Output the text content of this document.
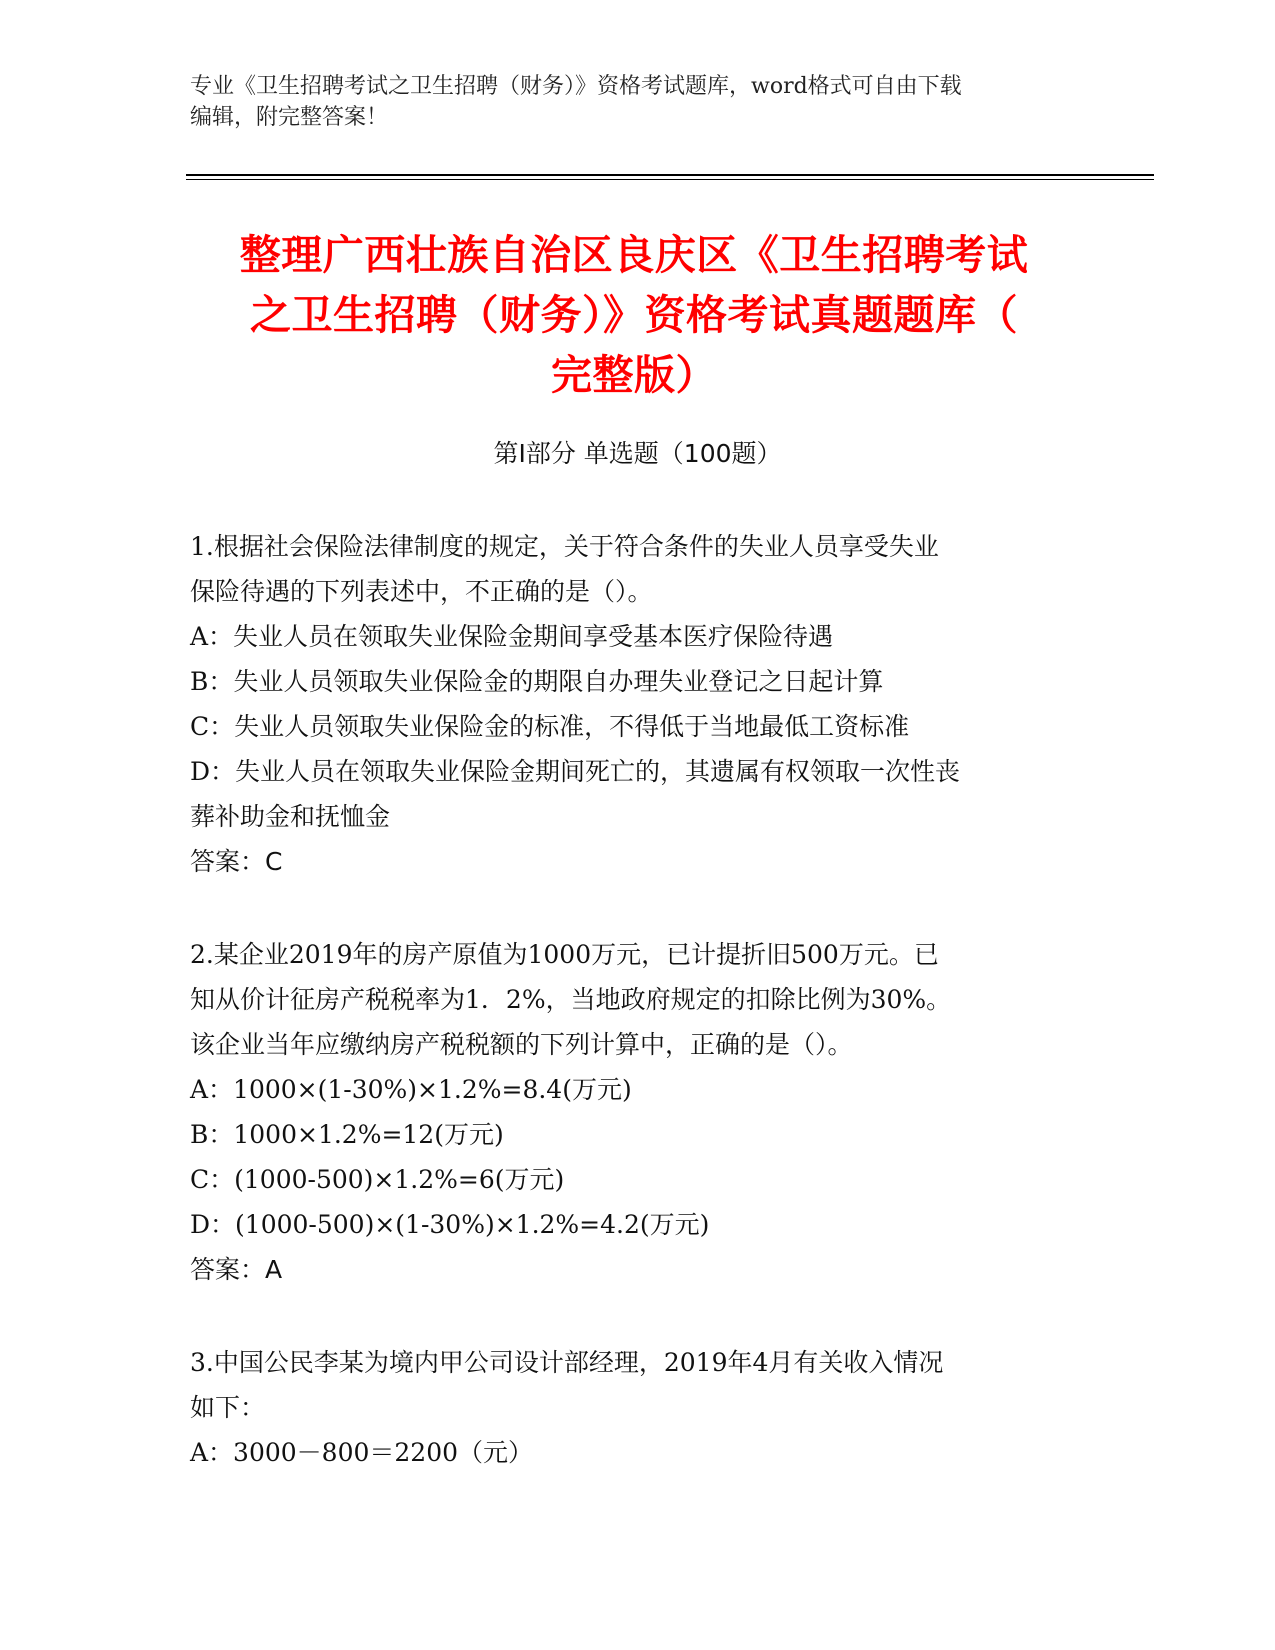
专业《卫生招聘考试之卫生招聘（财务）》资格考试题库，word格式可自由下载
编辑，附完整答案！
整理广西壮族自治区良庆区《卫生招聘考试
之卫生招聘（财务）》资格考试真题题库（
完整版）
第Ⅰ部分 单选题（100题）
1.根据社会保险法律制度的规定，关于符合条件的失业人员享受失业
保险待遇的下列表述中，不正确的是（）。
A：失业人员在领取失业保险金期间享受基本医疗保险待遇
B：失业人员领取失业保险金的期限自办理失业登记之日起计算
C：失业人员领取失业保险金的标准，不得低于当地最低工资标准
D：失业人员在领取失业保险金期间死亡的，其遗属有权领取一次性丧
葬补助金和抚恤金
答案：C
2.某企业2019年的房产原值为1000万元，已计提折旧500万元。已
知从价计征房产税税率为1．2%，当地政府规定的扣除比例为30%。
该企业当年应缴纳房产税税额的下列计算中，正确的是（）。
A：1000×(1-30%)×1.2%=8.4(万元)
B：1000×1.2%=12(万元)
C：(1000-500)×1.2%=6(万元)
D：(1000-500)×(1-30%)×1.2%=4.2(万元)
答案：A
3.中国公民李某为境内甲公司设计部经理，2019年4月有关收入情况
如下：
A：3000－800＝2200（元）
